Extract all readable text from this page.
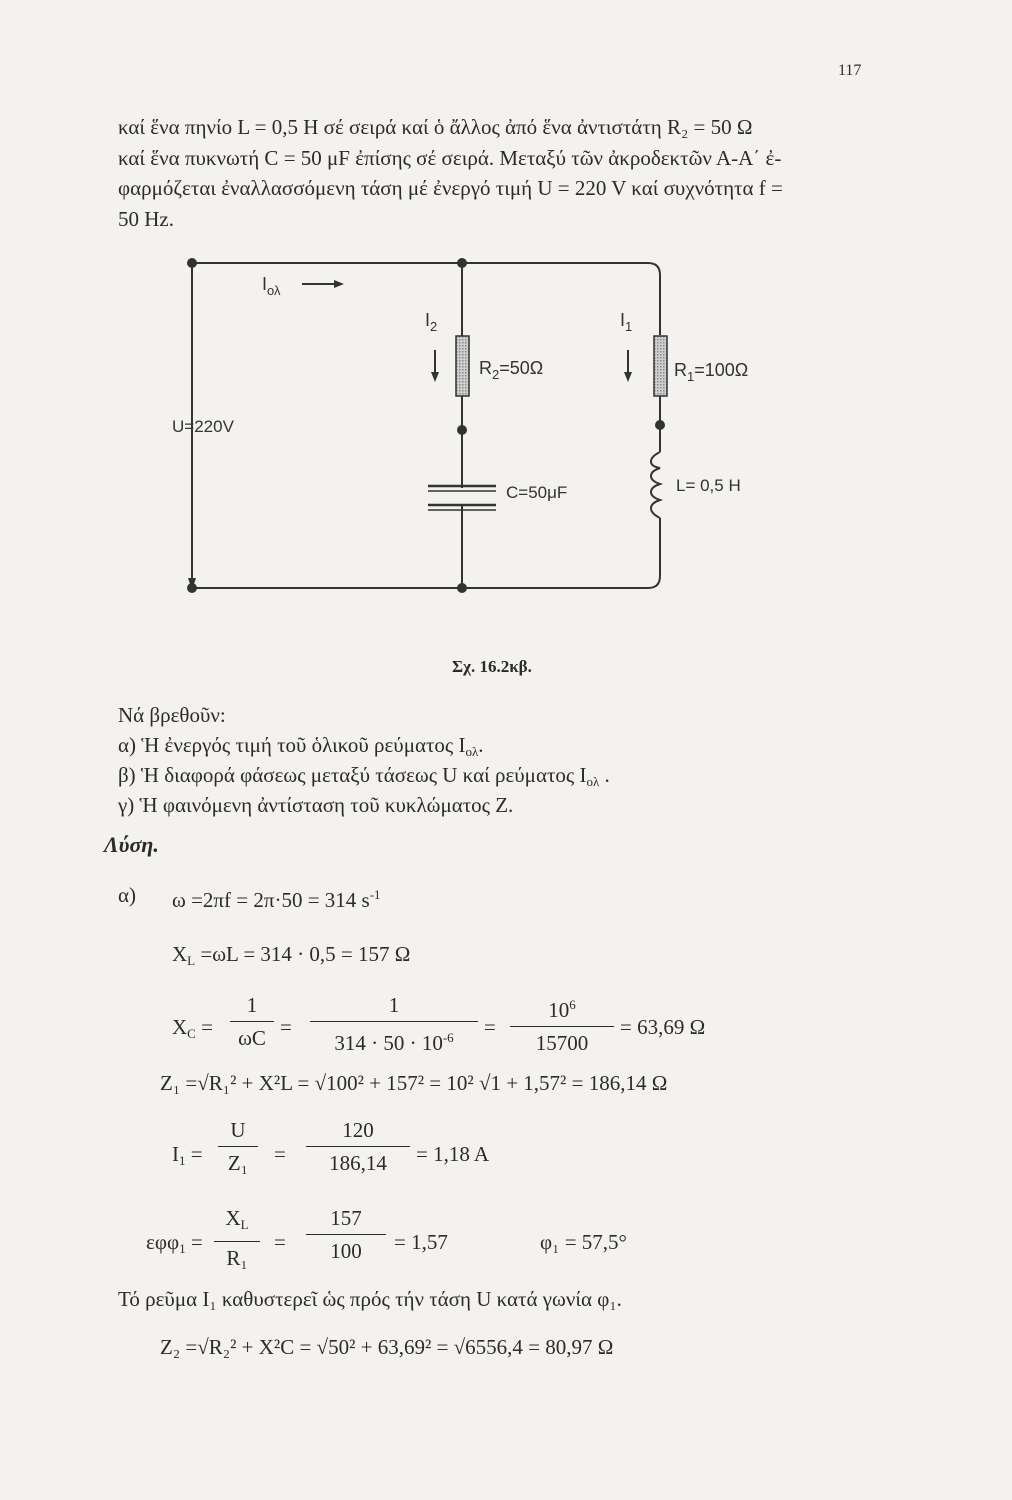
117
καί ἕνα πηνίο L = 0,5 H σέ σειρά καί ὁ ἄλλος ἀπό ἕνα ἀντιστάτη R₂ = 50 Ω
καί ἕνα πυκνωτή C = 50 μF ἐπίσης σέ σειρά. Μεταξύ τῶν ἀκροδεκτῶν Α-Α΄ ἐ-
φαρμόζεται ἐναλλασσόμενη τάση μέ ἐνεργό τιμή U = 220 V καί συχνότητα f =
50 Hz.
$I_{o\lambda}$
$I_2$	$I_1$
$R_2=50\Omega$	$R_1=100\Omega$
U=220V
C=50μF	L= 0,5 H
Σχ. 16.2κβ.
Νά βρεθοῦν:
α) Ἡ ἐνεργός τιμή τοῦ ὁλικοῦ ρεύματος $I_{o\lambda}$.
β) Ἡ διαφορά φάσεως μεταξύ τάσεως U καί ρεύματος $I_{o\lambda}$ .
γ) Ἡ φαινόμενη ἀντίσταση τοῦ κυκλώματος Z.
Λύση.
α) ω =2πf = 2π·50 = 314 $s^{-1}$
$X_L =\omega L = 314 \cdot 0,5 = 157$ Ω
$X_C$ =
1
ωC =
1
$314 \cdot 50 \cdot 10^{-6}$	=
$10^6$
15700
= 63,69 Ω
Z₁ =√R₁² + X²L = √100² + 157² = 10² √1 + 1,57² = 186,14 Ω
$I_1$ =
U
Z₁	=
120
186,14	= 1,18 A
εφφ$_1$ =
$X_L$
R₁
=
157
100	= 1,57	φ₁ = 57,5°
Τό ρεῦμα I₁ καθυστερεῖ ὡς πρός τήν τάση U κατά γωνία φ₁.
Z₂ =√R₂² + X²C = √50² + 63,69² = √6556,4 = 80,97 Ω
